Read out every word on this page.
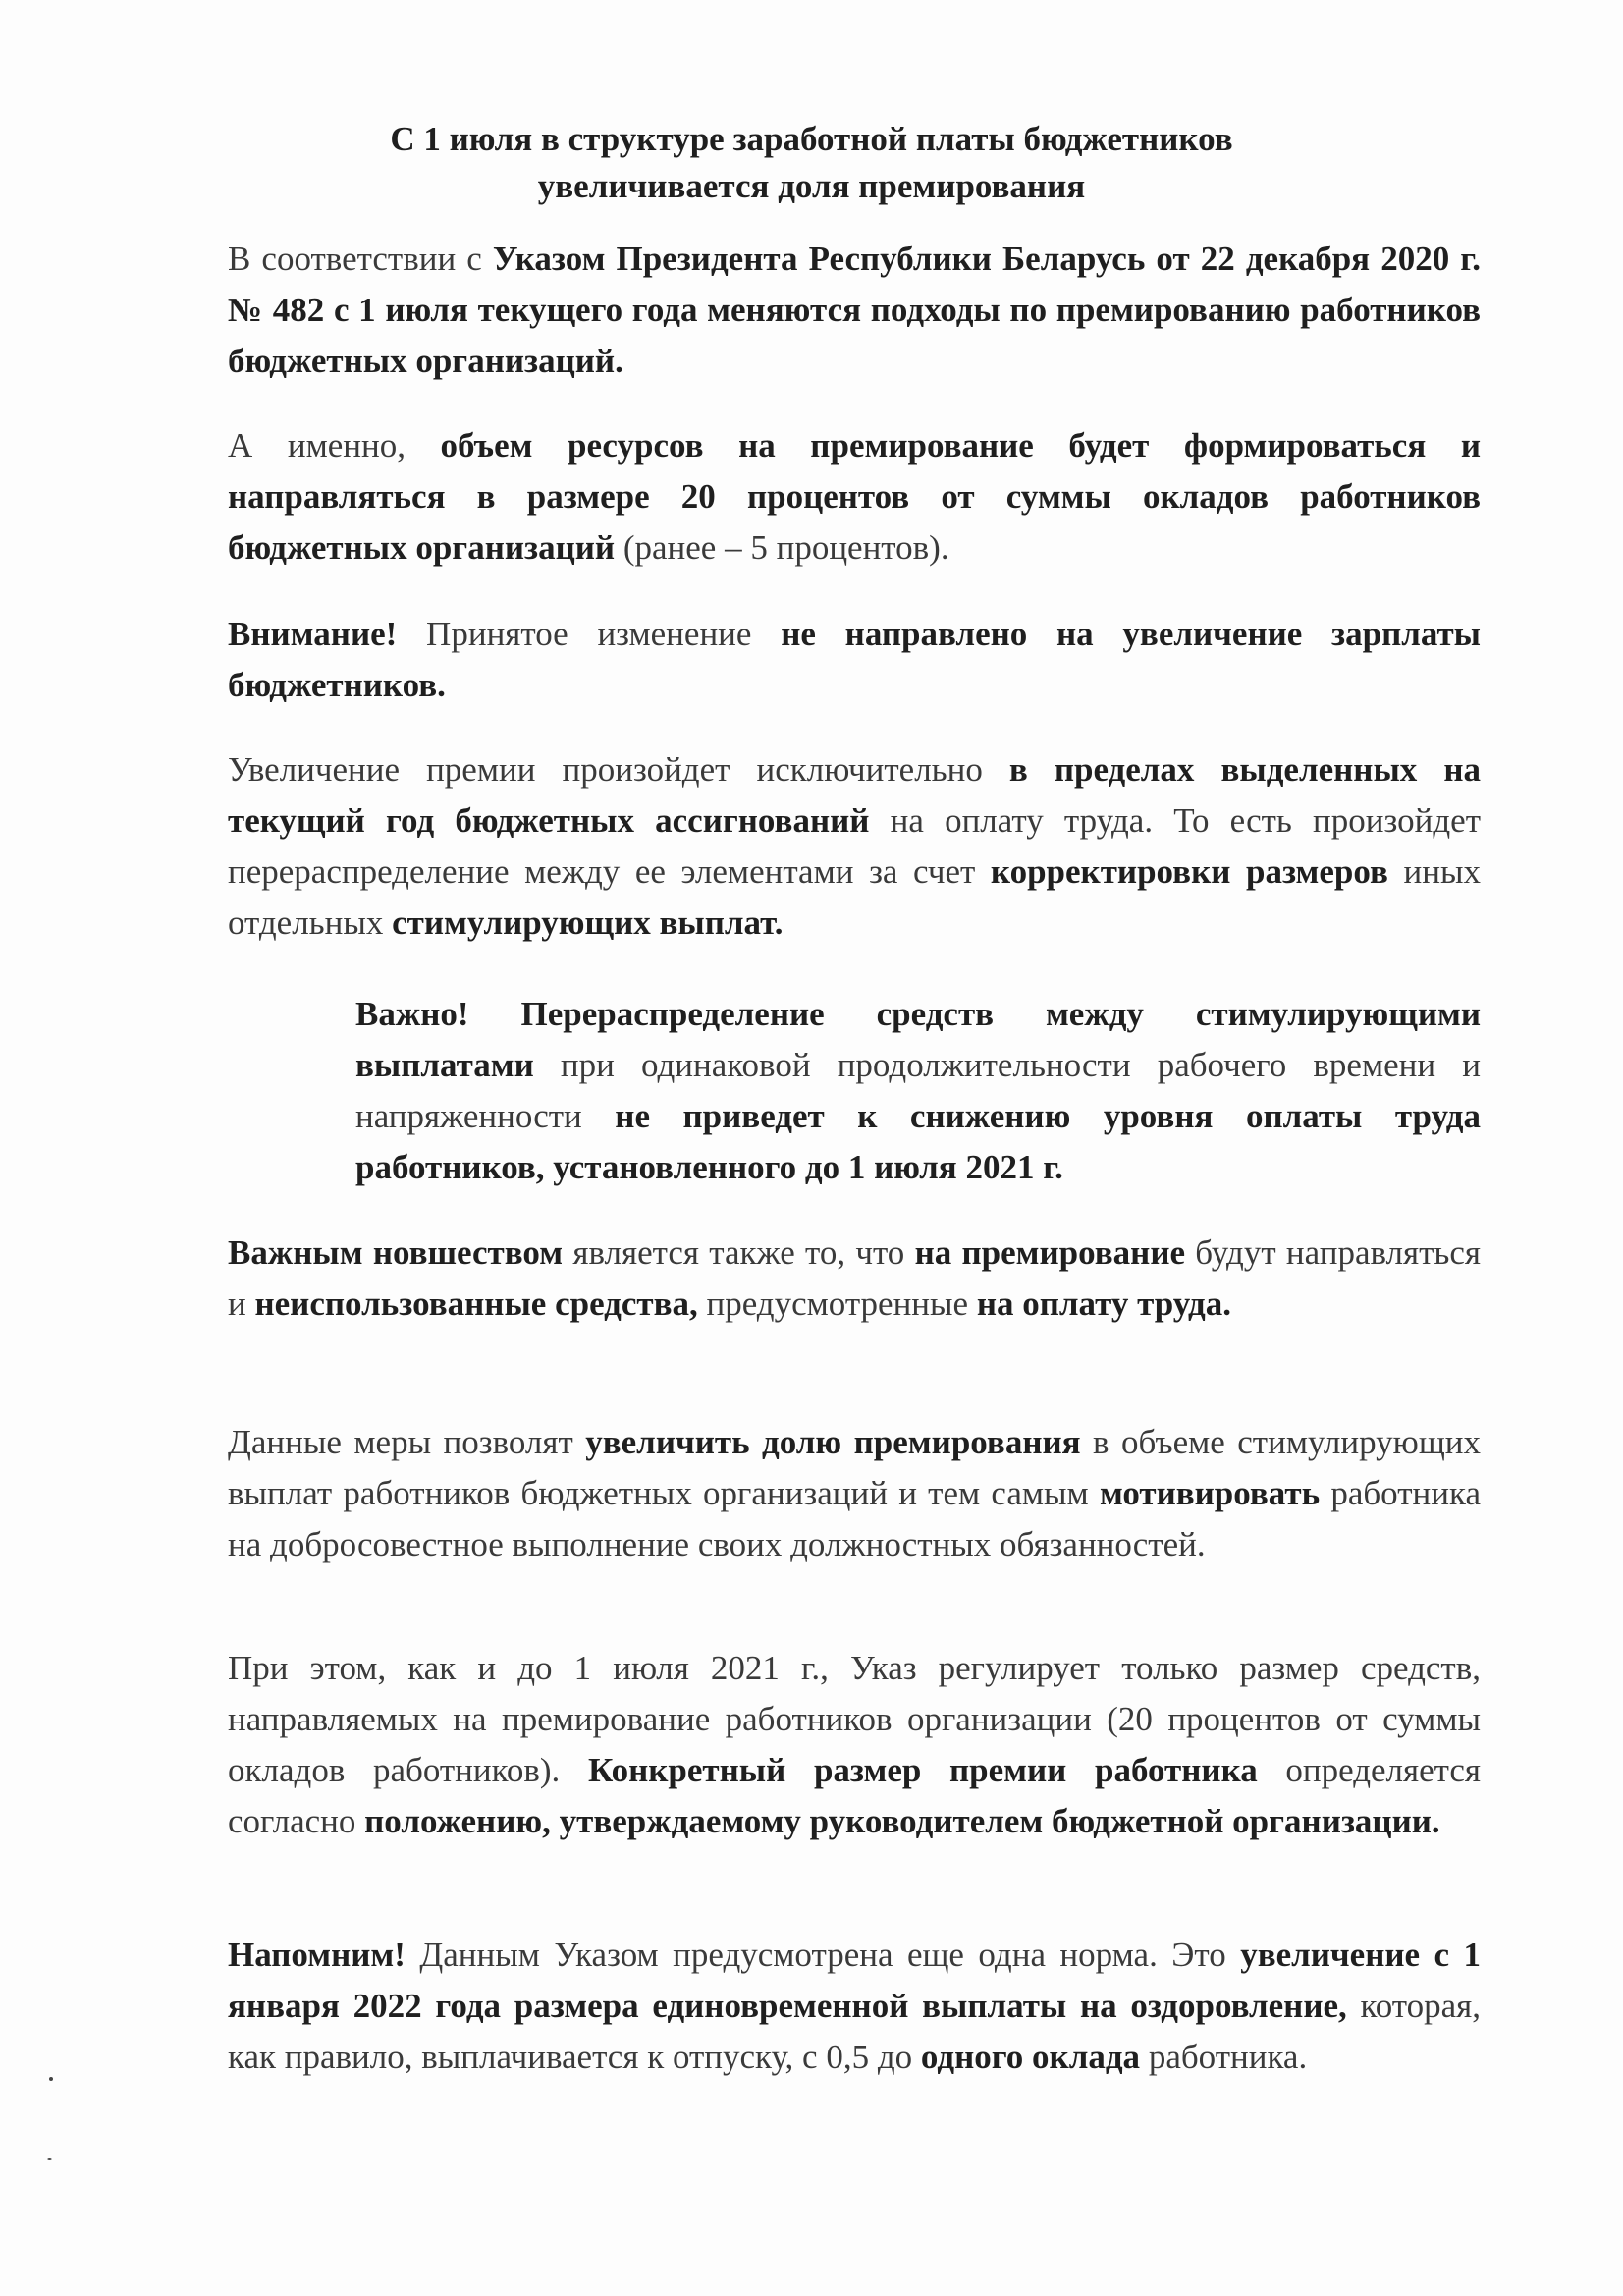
С 1 июля в структуре заработной платы бюджетников
увеличивается доля премирования
В соответствии с Указом Президента Республики Беларусь от 22 декабря 2020 г. № 482 с 1 июля текущего года меняются подходы по премированию работников бюджетных организаций.
А именно, объем ресурсов на премирование будет формироваться и направляться в размере 20 процентов от суммы окладов работников бюджетных организаций (ранее – 5 процентов).
Внимание! Принятое изменение не направлено на увеличение зарплаты бюджетников.
Увеличение премии произойдет исключительно в пределах выделенных на текущий год бюджетных ассигнований на оплату труда. То есть произойдет перераспределение между ее элементами за счет корректировки размеров иных отдельных стимулирующих выплат.
Важно! Перераспределение средств между стимулирующими выплатами при одинаковой продолжительности рабочего времени и напряженности не приведет к снижению уровня оплаты труда работников, установленного до 1 июля 2021 г.
Важным новшеством является также то, что на премирование будут направляться и неиспользованные средства, предусмотренные на оплату труда.
Данные меры позволят увеличить долю премирования в объеме стимулирующих выплат работников бюджетных организаций и тем самым мотивировать работника на добросовестное выполнение своих должностных обязанностей.
При этом, как и до 1 июля 2021 г., Указ регулирует только размер средств, направляемых на премирование работников организации (20 процентов от суммы окладов работников). Конкретный размер премии работника определяется согласно положению, утверждаемому руководителем бюджетной организации.
Напомним! Данным Указом предусмотрена еще одна норма. Это увеличение с 1 января 2022 года размера единовременной выплаты на оздоровление, которая, как правило, выплачивается к отпуску, с 0,5 до одного оклада работника.
